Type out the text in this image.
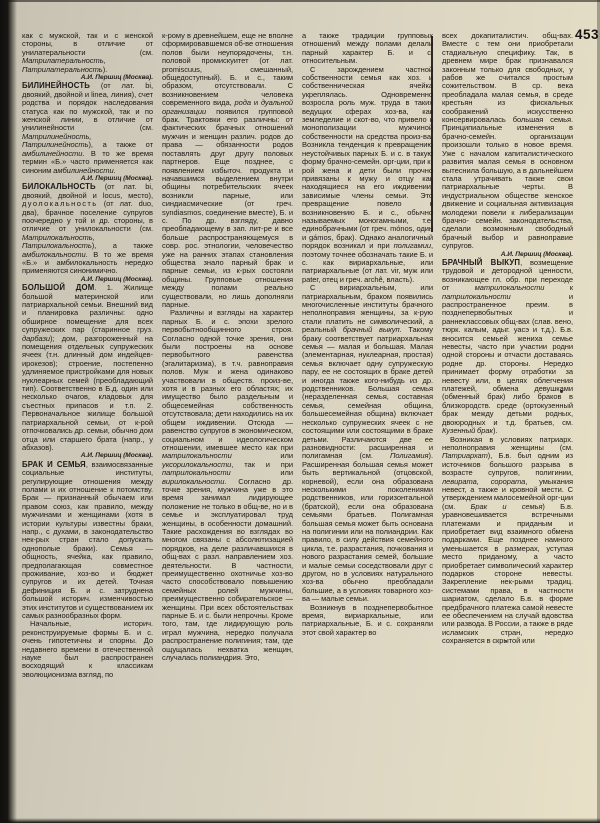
453

как с мужской, так и с женской стороны, в отличие от унилатеральности (см. Матрилатеральность, Патрилатеральность).

А.И. Першиц (Москва).

БИЛИНЕЙНОСТЬ (от лат. bi, двоякий, двойной и linea, линия), счет родства и порядок наследования статуса как по мужской, так и по женской линии, в отличие от унилинейности (см. Матрилинейность, Патрилинейность), а также от амбилинейности. В то же время термин «Б.» часто применяется как синоним амбилинейности.

А.И. Першиц (Москва).

БИЛОКАЛЬНОСТЬ (от лат. bi, двоякий, двойной и locus, место), дуолокальность (от лат. duo, два), брачное поселение супругов поочередно у той и др. стороны, в отличие от унилокальности (см. Матрилокальность, Патрилокальность), а также амбилокальности. В то же время «Б.» и амбилокальность нередко применяются синонимично.

А.И. Першиц (Москва).

БОЛЬШОЙ ДОМ. 1. Жилище большой материнской или патриархальной семьи. Внешний вид и планировка различны: одно обширное помещение для всех супружеских пар (старинное груз. дарбази); дом, разгороженный на помещения отдельных супружеских ячеек (т.н. длинный дом индейцев-ирокезов); строение, постепенно удлиняемое пристройками для новых нуклеарных семей (преобладающий тип). Соответственно в Б.д. один или несколько очагов, кладовых для съестных припасов и т.п. 2. Первоначальное жилище большой патриархальной семьи, от к-рой отпочковались др. семьи, обычно дом отца или старшего брата (напр., у абхазов).

А.И. Першиц (Москва).

БРАК И СЕМЬЯ, взаимосвязанные социальные институты, регулирующие отношения между полами и их отношение к потомству. Брак — признанный обычаем или правом союз, как правило, между мужчинами и женщинами (хотя в истории культуры известны браки, напр., с духами, в законодательство нек-рых стран стало допускать однополые браки). Семья — общность, ячейка, как правило, предполагающая совместное проживание, хоз-во и бюджет супругов и их детей. Точная дефиниция Б. и с. затруднена большой историч. изменчивостью этих институтов и существованием их самых разнообразных форм.

Начальные, историч. реконструируемые формы Б. и с. очень гипотетичны и спорны. До недавнего времени в отечественной науке был распространен восходящий к классикам эволюционизма взгляд, по

к-рому в древнейшем, еще не вполне сформировавшемся об-ве отношения полов были неупорядочены, т.н. половой промискуитет (от лат. promiscuus, смешанный, общедоступный). Б. и с., таким образом, отсутствовали. С возникновением человека современного вида, рода и дуальной организации появился групповой брак. Трактовки его различны: от фактических брачных отношений мужчин и женщин различ. родов до права — обязанности родов поставлять друг другу половых партнеров. Еще позднее, с появлением избыточ. продукта и начавшимся выделением внутри общины потребительских ячеек возникли парные, или синдиасмические (от греч. syndiasmos, соединение вместе), Б. и с. По др. взгляду, давно преобладающему в зап. лит-ре и все больше распространяющемуся в совр. рос. этнологии, человечество уже на ранних этапах становления общества знало парный брак и парные семьи, из к-рых состояли общины. Групповые отношения между полами реально существовали, но лишь дополняли парные.

Различны и взгляды на характер парных Б. и с. эпохи зрелого первобытнообщинного строя. Согласно одной точке зрения, они были построены на основе первобытного равенства (эгалитаризма), в т.ч. равноправия полов. Муж и жена одинаково участвовали в обществ. произ-ве, хотя и в разных его областях; их имущество было раздельным и общесемейная собственность отсутствовала; дети находились на их общем иждивении. Отсюда — равенство супругов в экономическом, социальном и идеологическом отношении, имевшее место как при матрилокальности или уксорилокальности, так и при патрилокальности или вирилокальности. Согласно др. точке зрения, мужчина уже в это время занимал лидирующее положение не только в общ-ве, но и в семье и эксплуатировал труд женщины, в особенности домашний. Такие расхождения во взглядах во многом связаны с абсолютизацией порядков, на деле различавшихся в общ-вах с разл. направлением хоз. деятельности. В частности, преимущественно охотничье хоз-во часто способствовало повышению семейных ролей мужчины, преимущественно собирательское — женщины. При всех обстоятельствах парные Б. и с. были непрочны. Кроме того, там, где лидирующую роль играл мужчина, нередко получала распространение полигиния; там, где ощущалась нехватка женщин, случалась полиандрия. Это,

а также традиции групповых отношений между полами делали парный характер Б. и с. относительным.

С зарождением частной собственности семья как хоз. и собственническая ячейка укреплялась. Одновременно возросла роль муж. труда в таких ведущих сферах хоз-ва, как земледелие и скот-во, что привело к монополизации мужчиной собственности на средства произ-ва. Возникла тенденция к превращению неустойчивых парных Б. и с. в такую форму брачно-семейн. орг-ции, при к-рой жена и дети были прочно привязаны к мужу и отцу как находящиеся на его иждивении, зависимые члены семьи. Это превращение повело к возникновению Б. и с., обычно называемых моногамными, т.е. единобрачными (от греч. mónos, один и gámos, брак). Однако аналогичный порядок возникал и при полигамии, поэтому точнее обозначать такие Б. и с. как вириархальные, или патриархальные (от лат. vir, муж или pater, отец и греч. archê, власть).

С вириархальным, или патриархальным, браком появились многочисленные институты брачного неполноправия женщины, за к-рую стали платить не символический, а реальный брачный выкуп. Такому браку соответствует патриархальная семья — малая и большая. Малая (элементарная, нуклеарная, простая) семья включает одну супружескую пару, ее не состоящих в браке детей и иногда также кого-нибудь из др. родственников. Большая семья (неразделенная семья, составная семья, семейная община, большесемейная община) включает несколько супружеских ячеек с не состоящими или состоящими в браке детьми. Различаются две ее разновидности: расширенная и полигамная (см. Полигамия). Расширенная большая семья может быть вертикальной (отцовской, корневой), если она образована несколькими поколениями родственников, или горизонтальной (братской), если она образована семьями братьев. Полигамная большая семья может быть основана на полигинии или на полиандрии. Как правило, в силу действия семейного цикла, т.е. разрастания, почкования и нового разрастания семей, большие и малые семьи соседствовали друг с другом, но в условиях натурального хоз-ва обычно преобладали большие, а в условиях товарного хоз-ва — малые семьи.

Возникнув в позднепервобытное время, вириархальные, или патриархальные, Б. и с. сохраняли этот свой характер во

всех докапиталистич. общ-вах. Вместе с тем они приобретали стадиальную специфику. Так, в древнем мире брак признавался законным только для свободных, у рабов же считался простым сожительством. В ср. века преобладала малая семья, в среде крестьян из фискальных соображений искусственно консервировалась большая семья. Принципиальные изменения в брачно-семейн. организации произошли только в новое время. Уже с началом капиталистического развития малая семья в основном вытеснила большую, а в дальнейшем стала утрачивать также свои патриархальные черты. В индустриальном обществе женское движение и социальная активизация молодежи повели к либерализации брачно- семейн. законодательства, сделали возможным свободный брачный выбор и равноправие супругов.

А.И. Першиц (Москва).

БРАЧНЫЙ ВЫКУП, возмещение трудовой и детородной ценности, возникающее гл. обр. при переходе от матрилокальности к патрилокальности и распространенное преим. в позднепервобытных и раннеклассовых общ-вах (слав. вено, тюрк. калым, адыг. уасэ и т.д.). Б.в. вносится семьей жениха семье невесты, часто при участии родни одной стороны и отчасти доставаясь родне др. стороны. Нередко принимает форму отработки за невесту или, в целях облегчения платежей, обмена девушками (обменный брак) либо браков в близкородств. среде (ортокузенный брак между детьми родных, двоюродных и т.д. братьев, см. Кузенный брак).

Возникая в условиях патриарх. неполноправия женщины (см. Патриархат), Б.в. был одним из источников большого разрыва в возрасте супругов, полигинии, левирата, сорората, умыкания невест, а также и кровной мести. С утверждением малосемейной орг-ции (см. Брак и семья) Б.в. уравновешивается встречными платежами и приданым и приобретает вид взаимного обмена подарками. Еще позднее намного уменьшается в размерах, уступая место приданому, а часто приобретает символический характер подарков стороне невесты. Закрепление нек-рыми традиц. системами права, в частности шариатом, сделало Б.в. в форме предбрачного платежа самой невесте ее обеспечением на случай вдовства или развода. В России, а также в ряде исламских стран, нередко сохраняется в скрытой или
